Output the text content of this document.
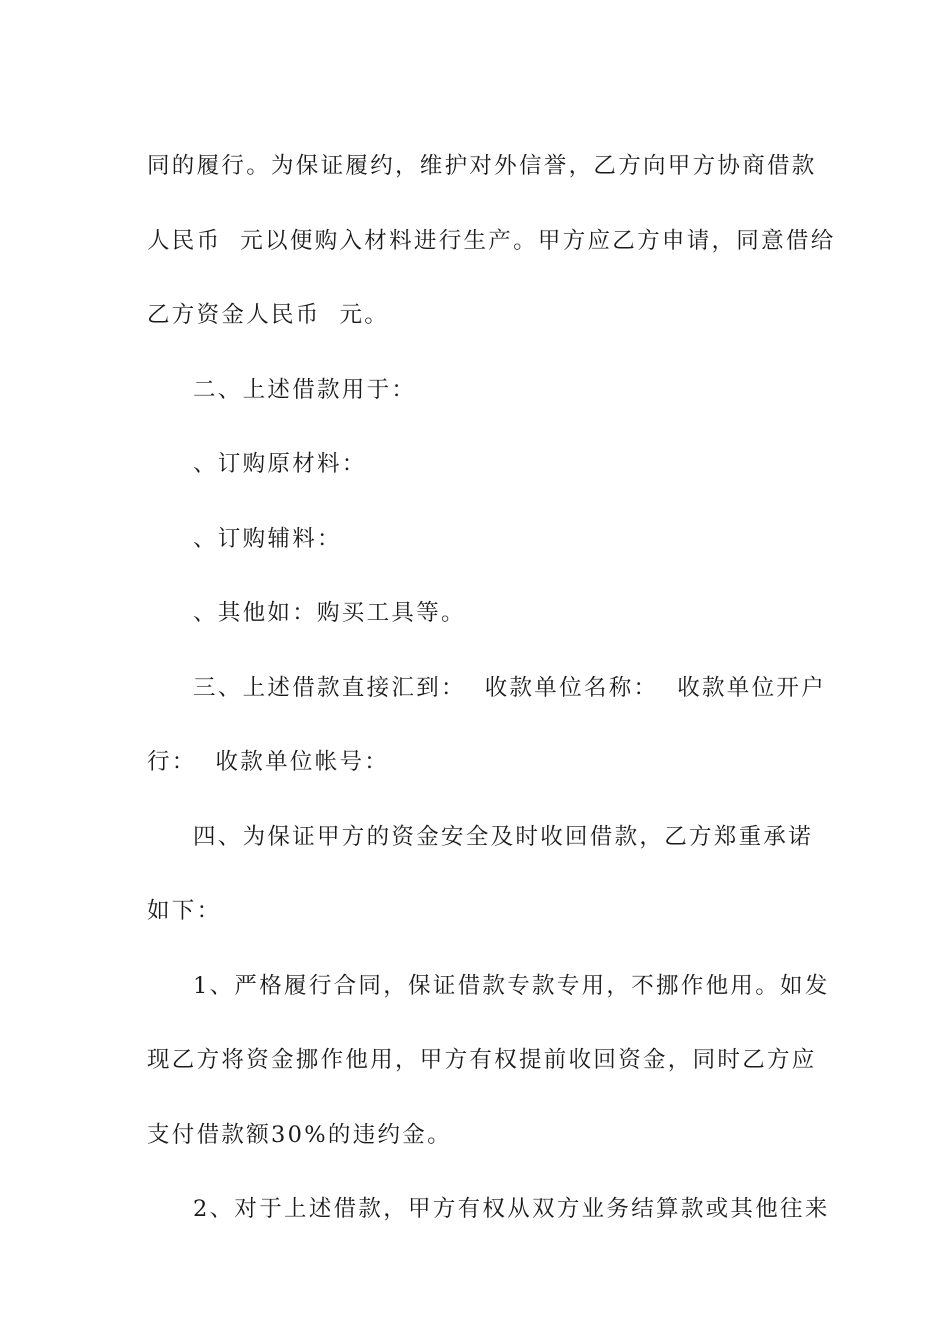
同的履行。为保证履约，维护对外信誉，乙方向甲方协商借款
人民币  元以便购入材料进行生产。甲方应乙方申请，同意借给
乙方资金人民币  元。
二、上述借款用于：
、订购原材料：
、订购辅料：
、其他如：购买工具等。
三、上述借款直接汇到：  收款单位名称：  收款单位开户
行：  收款单位帐号：
四、为保证甲方的资金安全及时收回借款，乙方郑重承诺
如下：
1、严格履行合同，保证借款专款专用，不挪作他用。如发
现乙方将资金挪作他用，甲方有权提前收回资金，同时乙方应
支付借款额30%的违约金。
2、对于上述借款，甲方有权从双方业务结算款或其他往来
